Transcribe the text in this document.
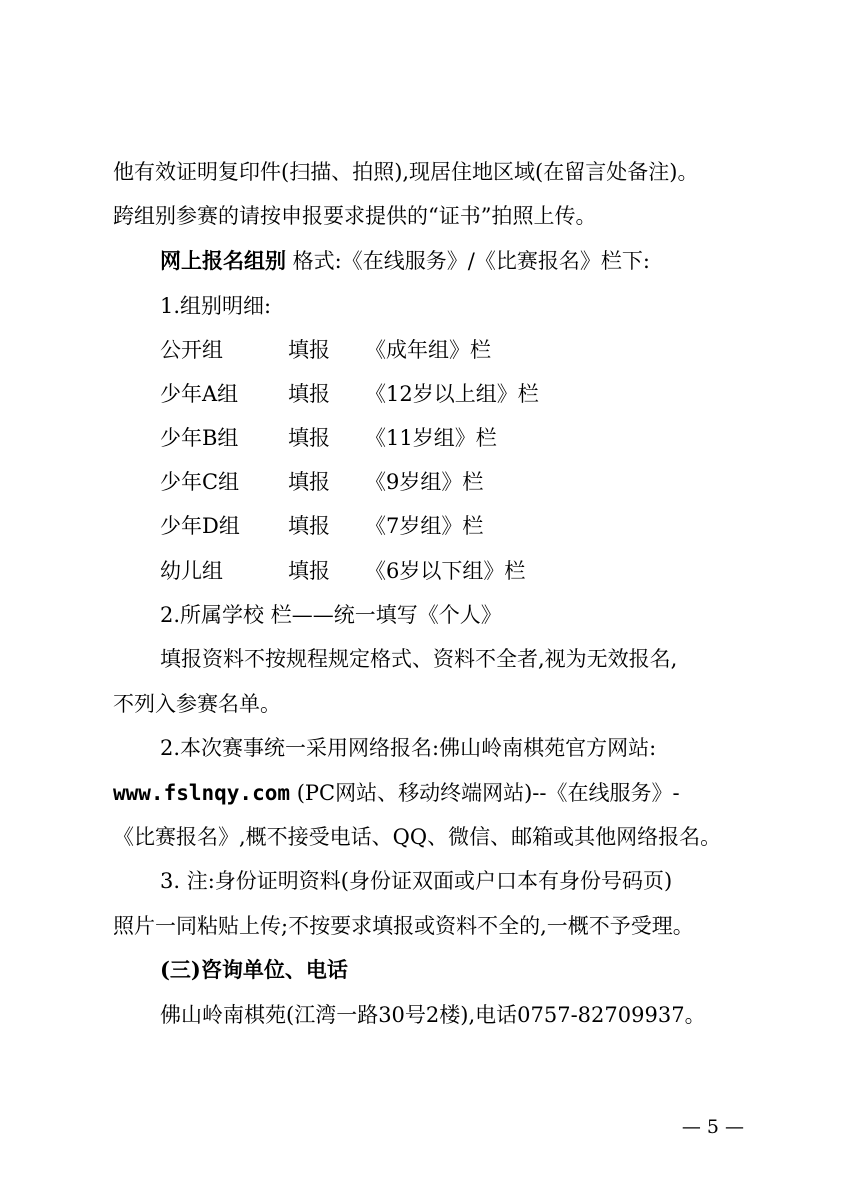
他有效证明复印件(扫描、拍照),现居住地区域(在留言处备注)。
跨组别参赛的请按申报要求提供的“证书”拍照上传。
网上报名组别 格式:《在线服务》/《比赛报名》栏下:
1.组别明细:
公开组	填报 《成年组》栏
少年A组 填报 《12岁以上组》栏
少年B组 填报 《11岁组》栏
少年C组 填报 《9岁组》栏
少年D组 填报 《7岁组》栏
幼儿组	填报 《6岁以下组》栏
2.所属学校 栏——统一填写《个人》
填报资料不按规程规定格式、资料不全者,视为无效报名,
不列入参赛名单。
2.本次赛事统一采用网络报名:佛山岭南棋苑官方网站:
www.fslnqy.com (PC网站、移动终端网站)--《在线服务》-
《比赛报名》,概不接受电话、QQ、微信、邮箱或其他网络报名。
3. 注:身份证明资料(身份证双面或户口本有身份号码页)
照片一同粘贴上传;不按要求填报或资料不全的,一概不予受理。
(三)咨询单位、电话
佛山岭南棋苑(江湾一路30号2楼),电话0757-82709937。
— 5 —
